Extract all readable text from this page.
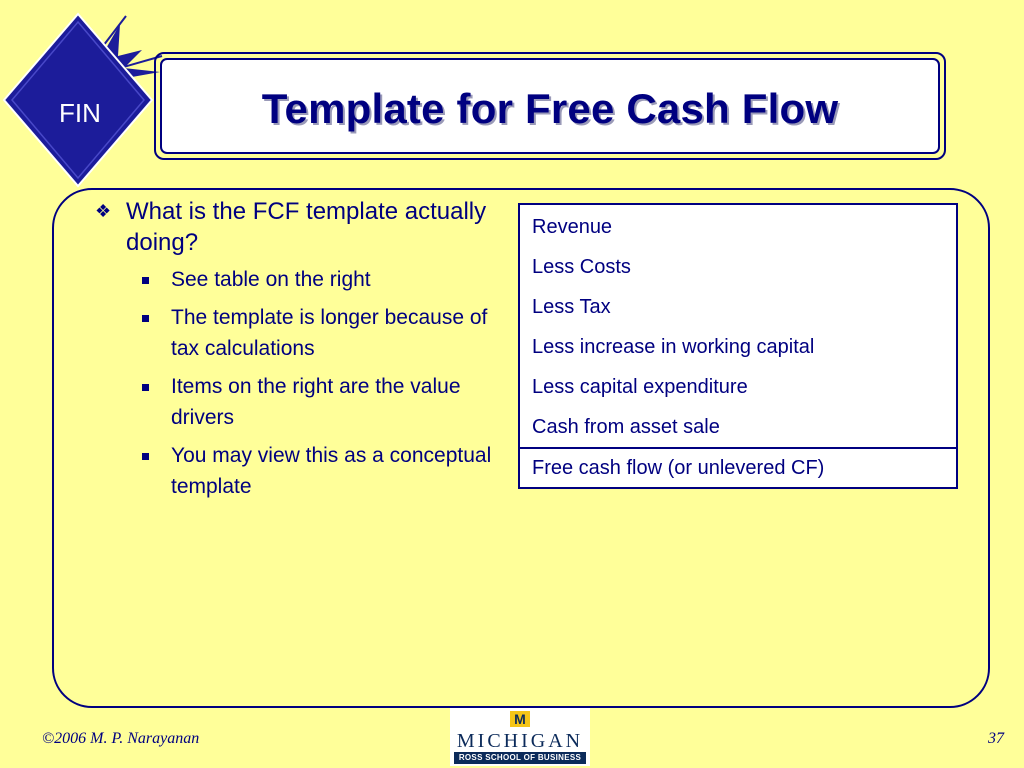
FIN	Template for Free Cash Flow
❖ What is the FCF template actually doing?
See table on the right
The template is longer because of tax calculations
Items on the right are the value drivers
You may view this as a conceptual template
Revenue
Less Costs
Less Tax
Less increase in working capital
Less capital expenditure
Cash from asset sale
Free cash flow (or unlevered CF)
©2006 M. P. Narayanan
M
MICHIGAN
ROSS SCHOOL OF BUSINESS
37
